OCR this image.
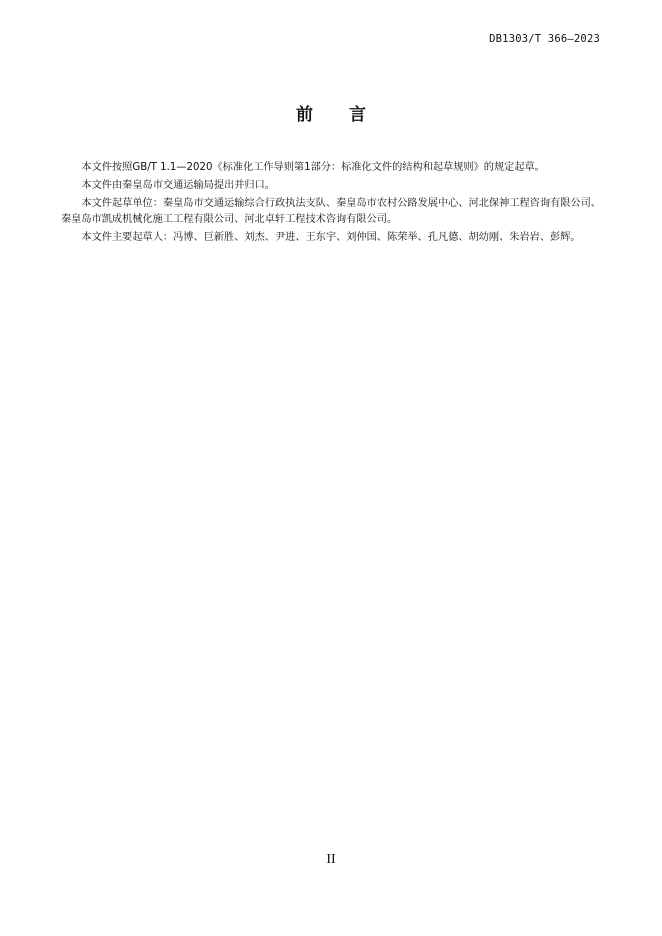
DB1303/T 366—2023
前 言

本文件按照GB/T 1.1—2020《标准化工作导则第1部分：标准化文件的结构和起草规则》的规定起草。

本文件由秦皇岛市交通运输局提出并归口。

本文件起草单位：秦皇岛市交通运输综合行政执法支队、秦皇岛市农村公路发展中心、河北保神工程咨询有限公司、秦皇岛市凯成机械化施工工程有限公司、河北卓轩工程技术咨询有限公司。

本文件主要起草人：冯博、巨新胜、刘杰、尹进、王东宇、刘仲国、陈荣举、孔凡德、胡幼刚、朱岩岩、彭辉。

II
